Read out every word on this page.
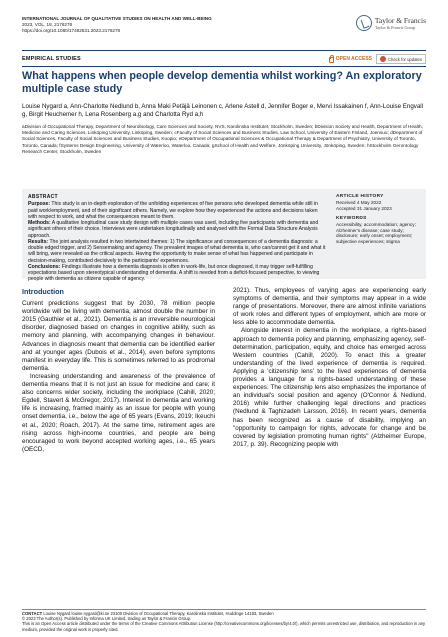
INTERNATIONAL JOURNAL OF QUALITATIVE STUDIES ON HEALTH AND WELL-BEING
2023, VOL. 18, 2176278
https://doi.org/10.1080/17482631.2023.2176278
Taylor & Francis
Taylor & Francis Group
EMPIRICAL STUDIES	OPEN ACCESS	Check for updates
What happens when people develop dementia whilst working? An exploratory multiple case study
Louise Nygard a, Ann-Charlotte Nedlund b, Anna Maki Petäjä Leinonen c, Arlene Astell d, Jennifer Boger e, Mervi Issakainen f, Ann-Louise Engvall g, Birgit Heuchemer h, Lena Rosenberg a,g and Charlotta Ryd a,h
aDivision of Occupational Therapy, Department of Neurobiology, Care Sciences and Society, NVS, Karolinska Institutet, Stockholm, Sweden; bDivision Society and Health, Department of Health, Medicine and Caring Sciences, Linköping University, Linköping, Sweden; cFaculty of Social Sciences and Business Studies, Law School, University of Eastern Finland, Joensuu; dDepartment of Social Sciences, Faculty of Social Sciences and Business Studies, Kuopio; eDepartment of Occupational Sciences & Occupational Therapy & Department of Psychiatry, University of Toronto, Toronto, Canada; fSystems Design Engineering, University of Waterloo, Waterloo, Canada; gSchool of Health and Welfare, Jönköping University, Jönköping, Sweden; hStockholm Gerontology Research Center, Stockholm, Sweden
ABSTRACT
Purpose: This study is an in-depth exploration of the unfolding experiences of five persons who developed dementia while still in paid work/employment, and of their significant others. Namely, we explore how they experienced the actions and decisions taken with respect to work, and what the consequences meant to them.
Methods: A qualitative longitudinal case study design with multiple cases was used, including five participants with dementia and significant others of their choice. Interviews were undertaken longitudinally and analysed with the Formal Data Structure Analysis approach.
Results: The joint analysis resulted in two intertwined themes: 1) The significance and consequences of a dementia diagnosis: a double edged trigger, and 2) Sensemaking and agency. The prevalent images of what dementia is, who can/cannot get it and what it will bring, were revealed as the critical aspects. Having the opportunity to make sense of what has happened and participate in decision-making, contributed decisively to the participants' experiences.
Conclusions: Findings illustrate how a dementia diagnosis is often in work-life, but once diagnosed, it may trigger self-fulfilling expectations based upon stereotypical understanding of dementia. A shift is needed from a deficit-focused perspective, to viewing people with dementia as citizens capable of agency.
ARTICLE HISTORY
Received 4 May 2022
Accepted 31 January 2023
KEYWORDS
Accessibility, accommodation; agency; Alzheimer's disease; case study; disclosure; early onset; employment; subjective experiences; stigma
Introduction

Current predictions suggest that by 2030, 78 million people worldwide will be living with dementia, almost double the number in 2015 (Gauthier et al., 2021). Dementia is an irreversible neurological disorder, diagnosed based on changes in cognitive ability, such as memory and planning, with accompanying changes in behaviour. Advances in diagnosis meant that dementia can be identified earlier and at younger ages (Dubois et al., 2014), even before symptoms manifest in everyday life. This is sometimes referred to as prodromal dementia.

Increasing understanding and awareness of the prevalence of dementia means that it is not just an issue for medicine and care; it also concerns wider society, including the workplace (Cahill, 2020; Egdell, Stavert & McGregor, 2017). Interest in dementia and working life is increasing, framed mainly as an issue for people with young onset dementia, i.e., below the age of 65 years (Evans, 2019; Ikeuchi et al., 2020; Roach, 2017). At the same time, retirement ages are rising across high-income countries, and people are being encouraged to work beyond accepted working ages, i.e., 65 years (OECD,

2021). Thus, employees of varying ages are experiencing early symptoms of dementia, and their symptoms may appear in a wide range of presentations. Moreover, there are almost infinite variations of work roles and different types of employment, which are more or less able to accommodate dementia.

Alongside interest in dementia in the workplace, a rights-based approach to dementia policy and planning, emphasizing agency, self-determination, participation, equity, and choice has emerged across Western countries (Cahill, 2020). To enact this a greater understanding of the lived experience of dementia is required. Applying a 'citizenship lens' to the lived experiences of dementia provides a language for a rights-based understanding of these experiences. The citizenship lens also emphasizes the importance of an individual's social position and agency (O'Connor & Nedlund, 2016) while further challenging legal directions and practices (Nedlund & Taghizadeh Larsson, 2016). In recent years, dementia has been recognized as a cause of disability, implying an "opportunity to campaign for rights, advocate for change and be covered by legislation promoting human rights" (Alzheimer Europe, 2017, p. 39). Recognizing people with

CONTACT Louise Nygard louise.nygard@ki.se 23100 Division of Occupational Therapy, Karolinska Institutet, Huddinge 14183, Sweden
© 2023 The Author(s). Published by Informa UK Limited, trading as Taylor & Francis Group.
This is an Open Access article distributed under the terms of the Creative Commons Attribution License (http://creativecommons.org/licenses/by/4.0/), which permits unrestricted use, distribution, and reproduction in any medium, provided the original work is properly cited.
